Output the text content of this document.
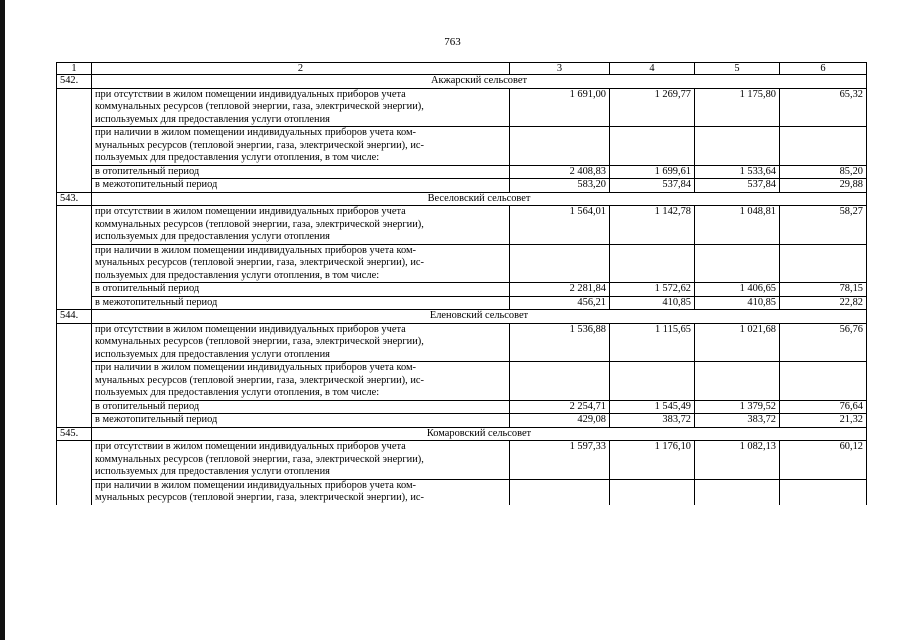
763
1	2	3	4	5	6
542.	Акжарский сельсовет				
	при отсутствии в жилом помещении индивидуальных приборов учета
коммунальных ресурсов (тепловой энергии, газа, электрической энергии),
используемых для предоставления услуги отопления	1 691,00	1 269,77	1 175,80	65,32
	при наличии в жилом помещении индивидуальных приборов учета ком-
мунальных ресурсов (тепловой энергии, газа, электрической энергии), ис-
пользуемых для предоставления услуги отопления, в том числе:				
	в отопительный период	2 408,83	1 699,61	1 533,64	85,20
	в межотопительный период	583,20	537,84	537,84	29,88
543.	Веселовский сельсовет				
	при отсутствии в жилом помещении индивидуальных приборов учета
коммунальных ресурсов (тепловой энергии, газа, электрической энергии),
используемых для предоставления услуги отопления	1 564,01	1 142,78	1 048,81	58,27
	при наличии в жилом помещении индивидуальных приборов учета ком-
мунальных ресурсов (тепловой энергии, газа, электрической энергии), ис-
пользуемых для предоставления услуги отопления, в том числе:				
	в отопительный период	2 281,84	1 572,62	1 406,65	78,15
	в межотопительный период	456,21	410,85	410,85	22,82
544.	Еленовский сельсовет				
	при отсутствии в жилом помещении индивидуальных приборов учета
коммунальных ресурсов (тепловой энергии, газа, электрической энергии),
используемых для предоставления услуги отопления	1 536,88	1 115,65	1 021,68	56,76
	при наличии в жилом помещении индивидуальных приборов учета ком-
мунальных ресурсов (тепловой энергии, газа, электрической энергии), ис-
пользуемых для предоставления услуги отопления, в том числе:				
	в отопительный период	2 254,71	1 545,49	1 379,52	76,64
	в межотопительный период	429,08	383,72	383,72	21,32
545.	Комаровский сельсовет				
	при отсутствии в жилом помещении индивидуальных приборов учета
коммунальных ресурсов (тепловой энергии, газа, электрической энергии),
используемых для предоставления услуги отопления	1 597,33	1 176,10	1 082,13	60,12
	при наличии в жилом помещении индивидуальных приборов учета ком-
мунальных ресурсов (тепловой энергии, газа, электрической энергии), ис-				
